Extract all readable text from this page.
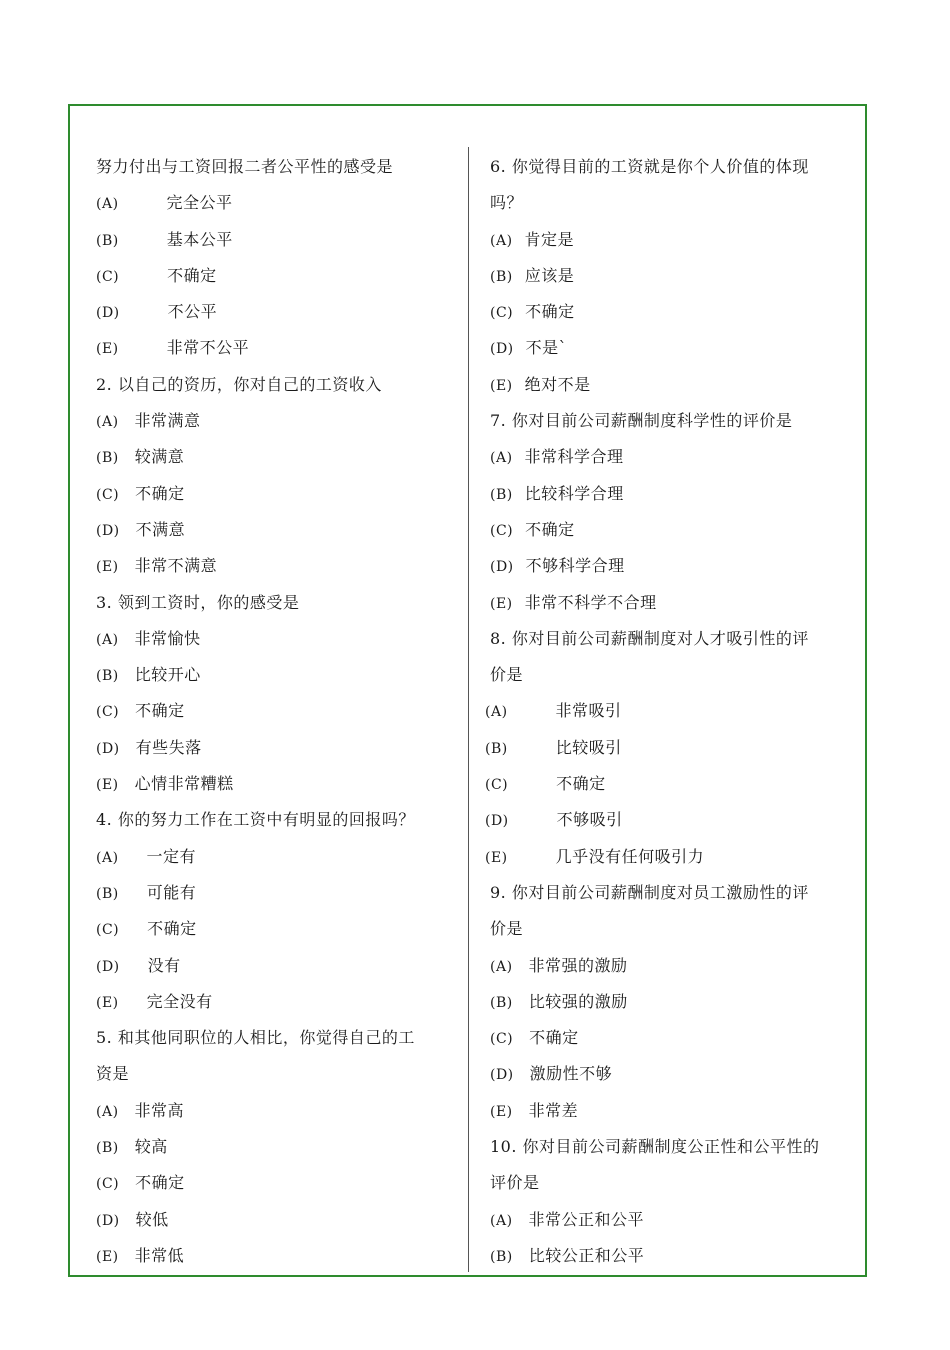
努力付出与工资回报二者公平性的感受是
(A)	完全公平
(B)	基本公平
(C)	不确定
(D)	不公平
(E)	非常不公平
2. 以自己的资历，你对自己的工资收入
(A) 非常满意
(B) 较满意
(C) 不确定
(D) 不满意
(E) 非常不满意
3. 领到工资时，你的感受是
(A) 非常愉快
(B) 比较开心
(C) 不确定
(D) 有些失落
(E) 心情非常糟糕
4. 你的努力工作在工资中有明显的回报吗？
(A) 一定有
(B) 可能有
(C) 不确定
(D) 没有
(E) 完全没有
5. 和其他同职位的人相比，你觉得自己的工
资是
(A) 非常高
(B) 较高
(C) 不确定
(D) 较低
(E) 非常低
6. 你觉得目前的工资就是你个人价值的体现
吗？
(A) 肯定是
(B) 应该是
(C) 不确定
(D) 不是`
(E) 绝对不是
7. 你对目前公司薪酬制度科学性的评价是
(A) 非常科学合理
(B) 比较科学合理
(C) 不确定
(D) 不够科学合理
(E) 非常不科学不合理
8. 你对目前公司薪酬制度对人才吸引性的评
价是
(A)	非常吸引
(B)	比较吸引
(C)	不确定
(D)	不够吸引
(E)	几乎没有任何吸引力
9. 你对目前公司薪酬制度对员工激励性的评
价是
(A) 非常强的激励
(B) 比较强的激励
(C) 不确定
(D) 激励性不够
(E) 非常差
10. 你对目前公司薪酬制度公正性和公平性的
评价是
(A) 非常公正和公平
(B) 比较公正和公平
